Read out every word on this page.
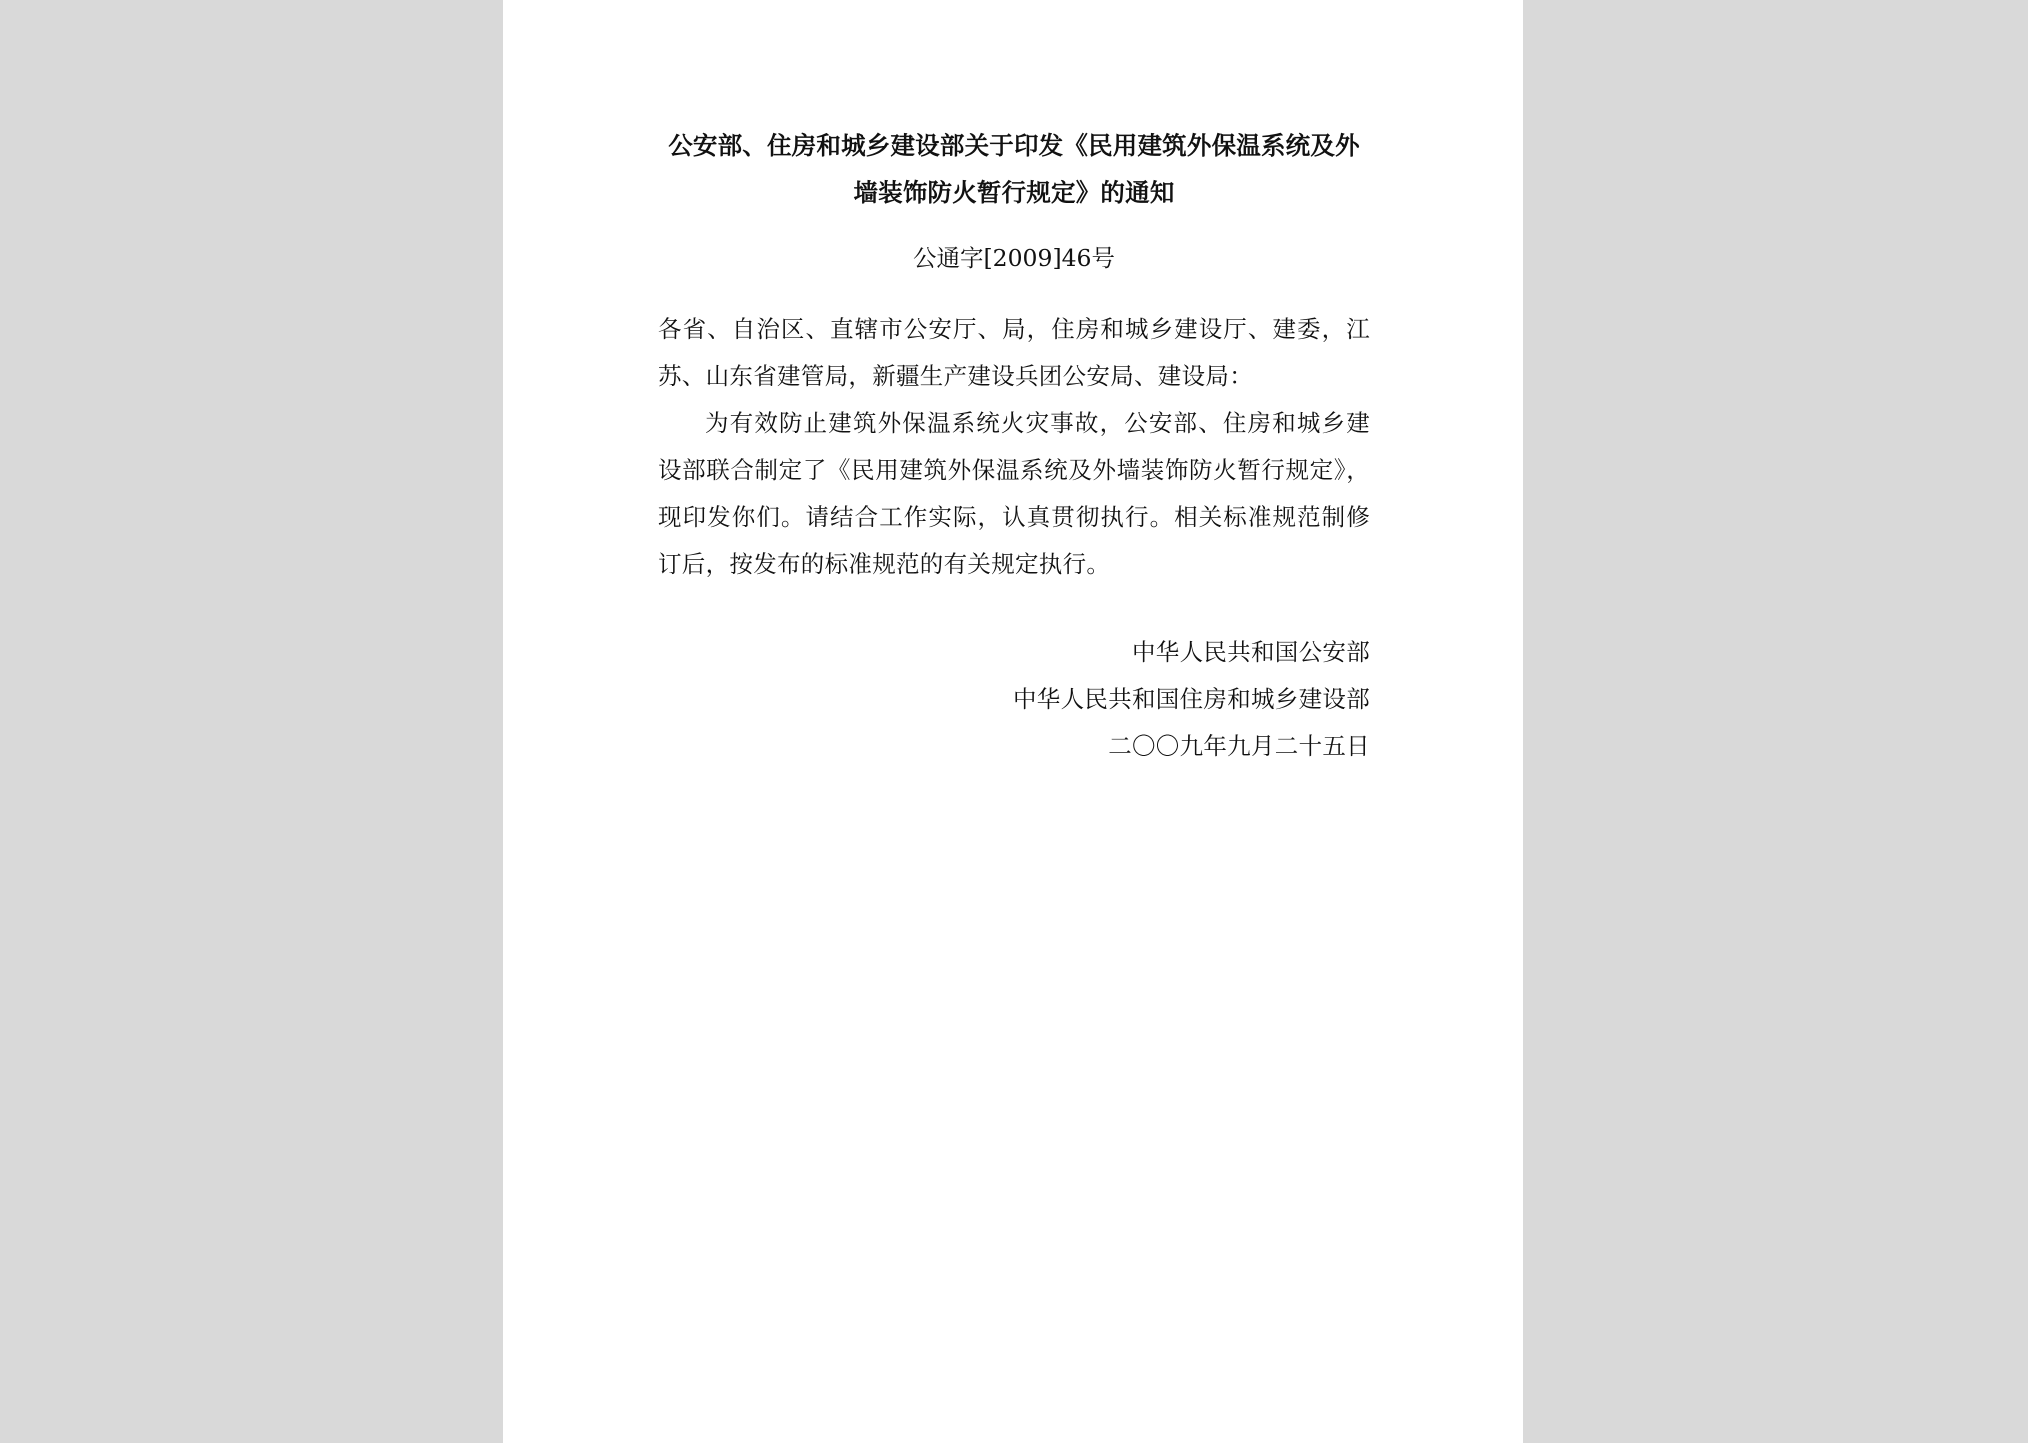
公安部、住房和城乡建设部关于印发《民用建筑外保温系统及外墙装饰防火暂行规定》的通知

公通字[2009]46号

各省、自治区、直辖市公安厅、局，住房和城乡建设厅、建委，江苏、山东省建管局，新疆生产建设兵团公安局、建设局：

为有效防止建筑外保温系统火灾事故，公安部、住房和城乡建设部联合制定了《民用建筑外保温系统及外墙装饰防火暂行规定》，现印发你们。请结合工作实际，认真贯彻执行。相关标准规范制修订后，按发布的标准规范的有关规定执行。

中华人民共和国公安部
中华人民共和国住房和城乡建设部
二〇〇九年九月二十五日
